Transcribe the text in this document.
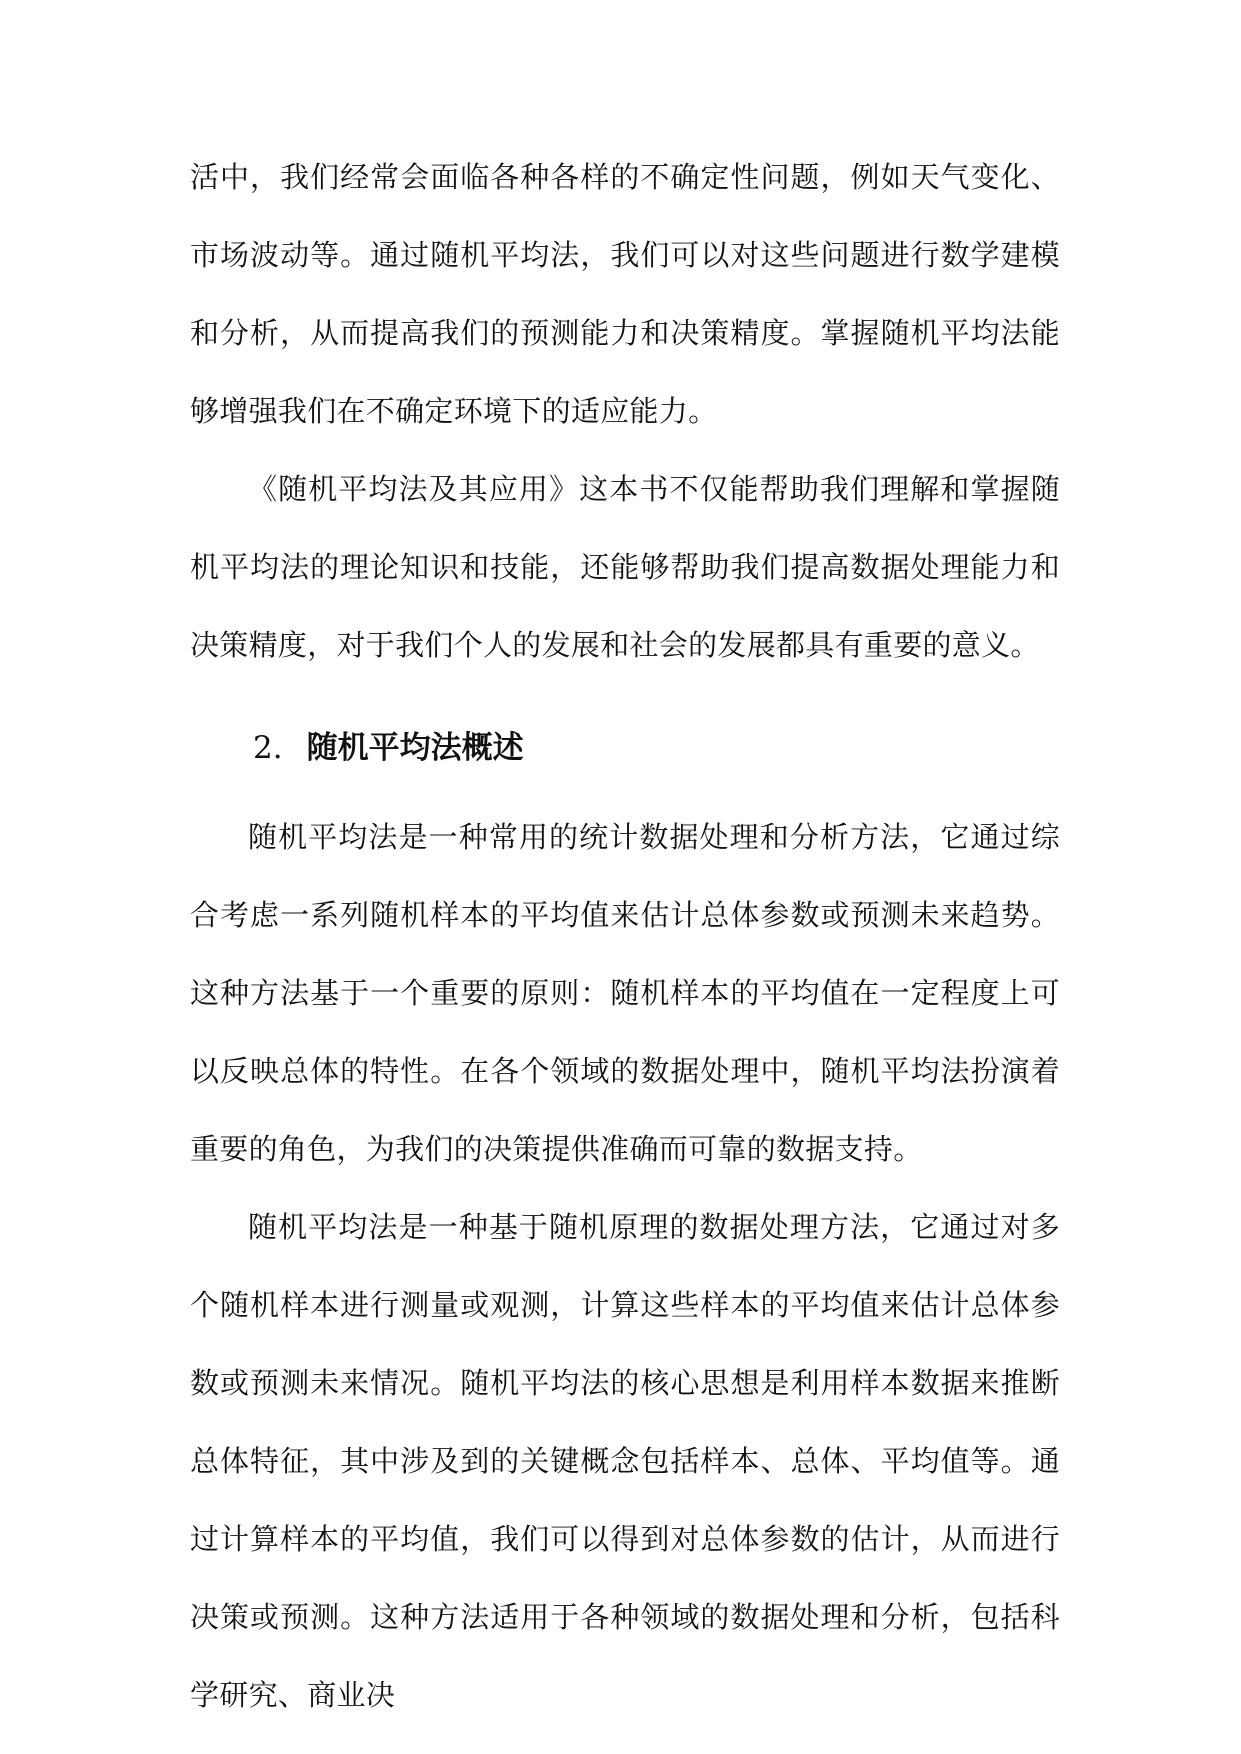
活中，我们经常会面临各种各样的不确定性问题，例如天气变化、市场波动等。通过随机平均法，我们可以对这些问题进行数学建模和分析，从而提高我们的预测能力和决策精度。掌握随机平均法能够增强我们在不确定环境下的适应能力。

《随机平均法及其应用》这本书不仅能帮助我们理解和掌握随机平均法的理论知识和技能，还能够帮助我们提高数据处理能力和决策精度，对于我们个人的发展和社会的发展都具有重要的意义。

2. 随机平均法概述

随机平均法是一种常用的统计数据处理和分析方法，它通过综合考虑一系列随机样本的平均值来估计总体参数或预测未来趋势。这种方法基于一个重要的原则：随机样本的平均值在一定程度上可以反映总体的特性。在各个领域的数据处理中，随机平均法扮演着重要的角色，为我们的决策提供准确而可靠的数据支持。

随机平均法是一种基于随机原理的数据处理方法，它通过对多个随机样本进行测量或观测，计算这些样本的平均值来估计总体参数或预测未来情况。随机平均法的核心思想是利用样本数据来推断总体特征，其中涉及到的关键概念包括样本、总体、平均值等。通过计算样本的平均值，我们可以得到对总体参数的估计，从而进行决策或预测。这种方法适用于各种领域的数据处理和分析，包括科学研究、商业决
